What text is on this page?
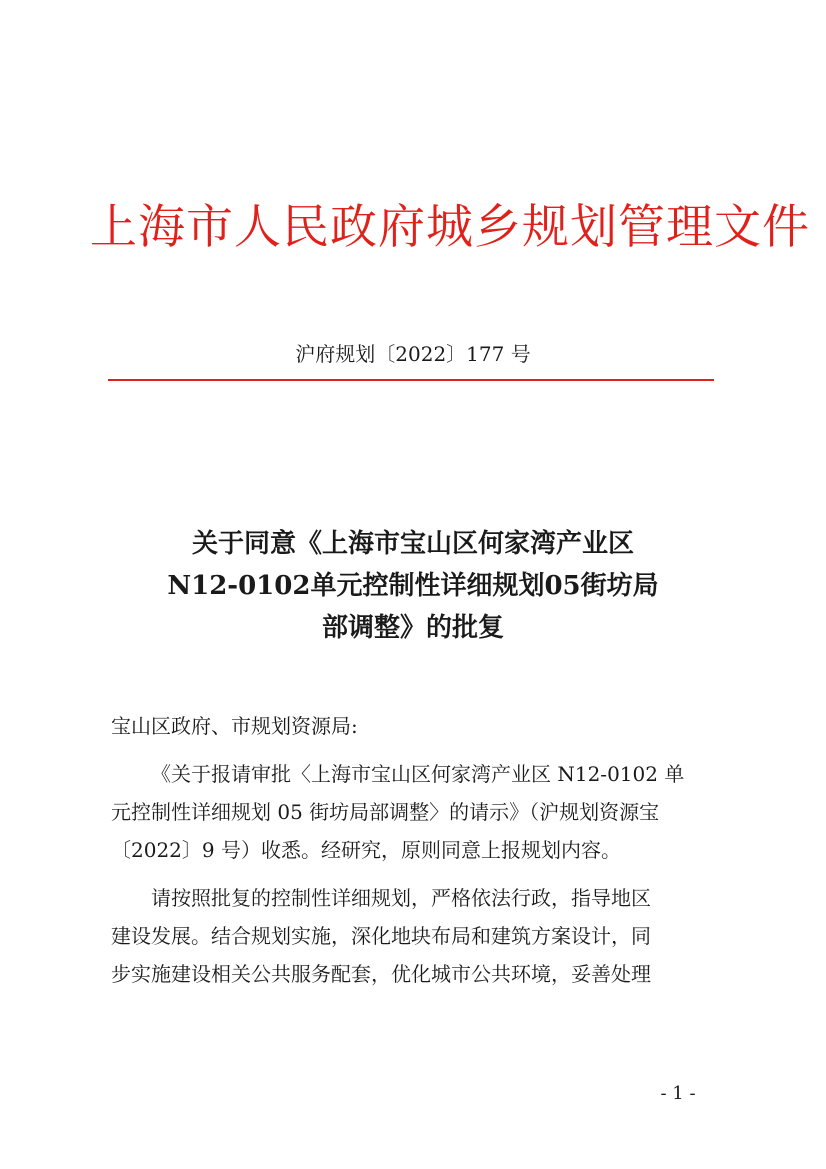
上海市人民政府城乡规划管理文件
沪府规划〔2022〕177 号
关于同意《上海市宝山区何家湾产业区
N12-0102单元控制性详细规划05街坊局
部调整》的批复
宝山区政府、市规划资源局:
《关于报请审批〈上海市宝山区何家湾产业区 N12-0102 单
元控制性详细规划 05 街坊局部调整〉的请示》（沪规划资源宝
〔2022〕9 号）收悉。经研究，原则同意上报规划内容。
请按照批复的控制性详细规划，严格依法行政，指导地区
建设发展。结合规划实施，深化地块布局和建筑方案设计，同
步实施建设相关公共服务配套，优化城市公共环境，妥善处理
- 1 -
